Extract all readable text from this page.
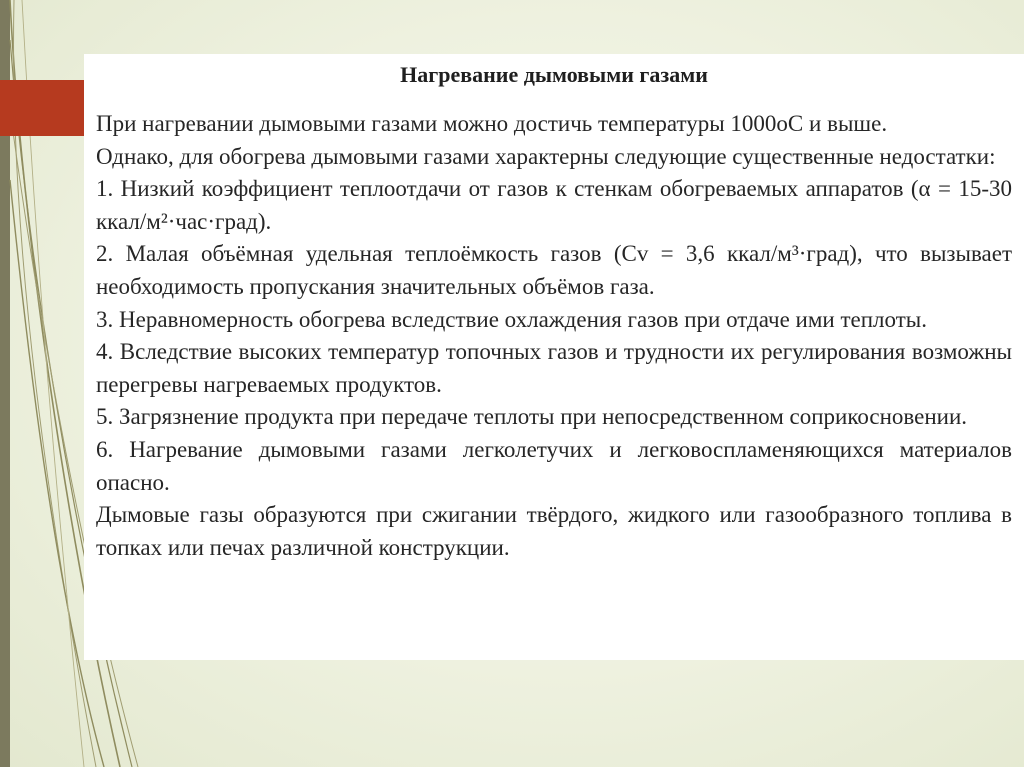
Нагревание дымовыми газами

При нагревании дымовыми газами можно достичь температуры 1000оС и выше.

Однако, для обогрева дымовыми газами характерны следующие существенные недостатки:

1. Низкий коэффициент теплоотдачи от газов к стенкам обогреваемых аппаратов (α = 15-30 ккал/м²·час·град).

2. Малая объёмная удельная теплоёмкость газов (Cv = 3,6 ккал/м³·град), что вызывает необходимость пропускания значительных объёмов газа.

3. Неравномерность обогрева вследствие охлаждения газов при отдаче ими теплоты.

4. Вследствие высоких температур топочных газов и трудности их регулирования возможны перегревы нагреваемых продуктов.

5. Загрязнение продукта при передаче теплоты при непосредственном соприкосновении.

6. Нагревание дымовыми газами легколетучих и легковоспламеняющихся материалов опасно.

Дымовые газы образуются при сжигании твёрдого, жидкого или газообразного топлива в топках или печах различной конструкции.
